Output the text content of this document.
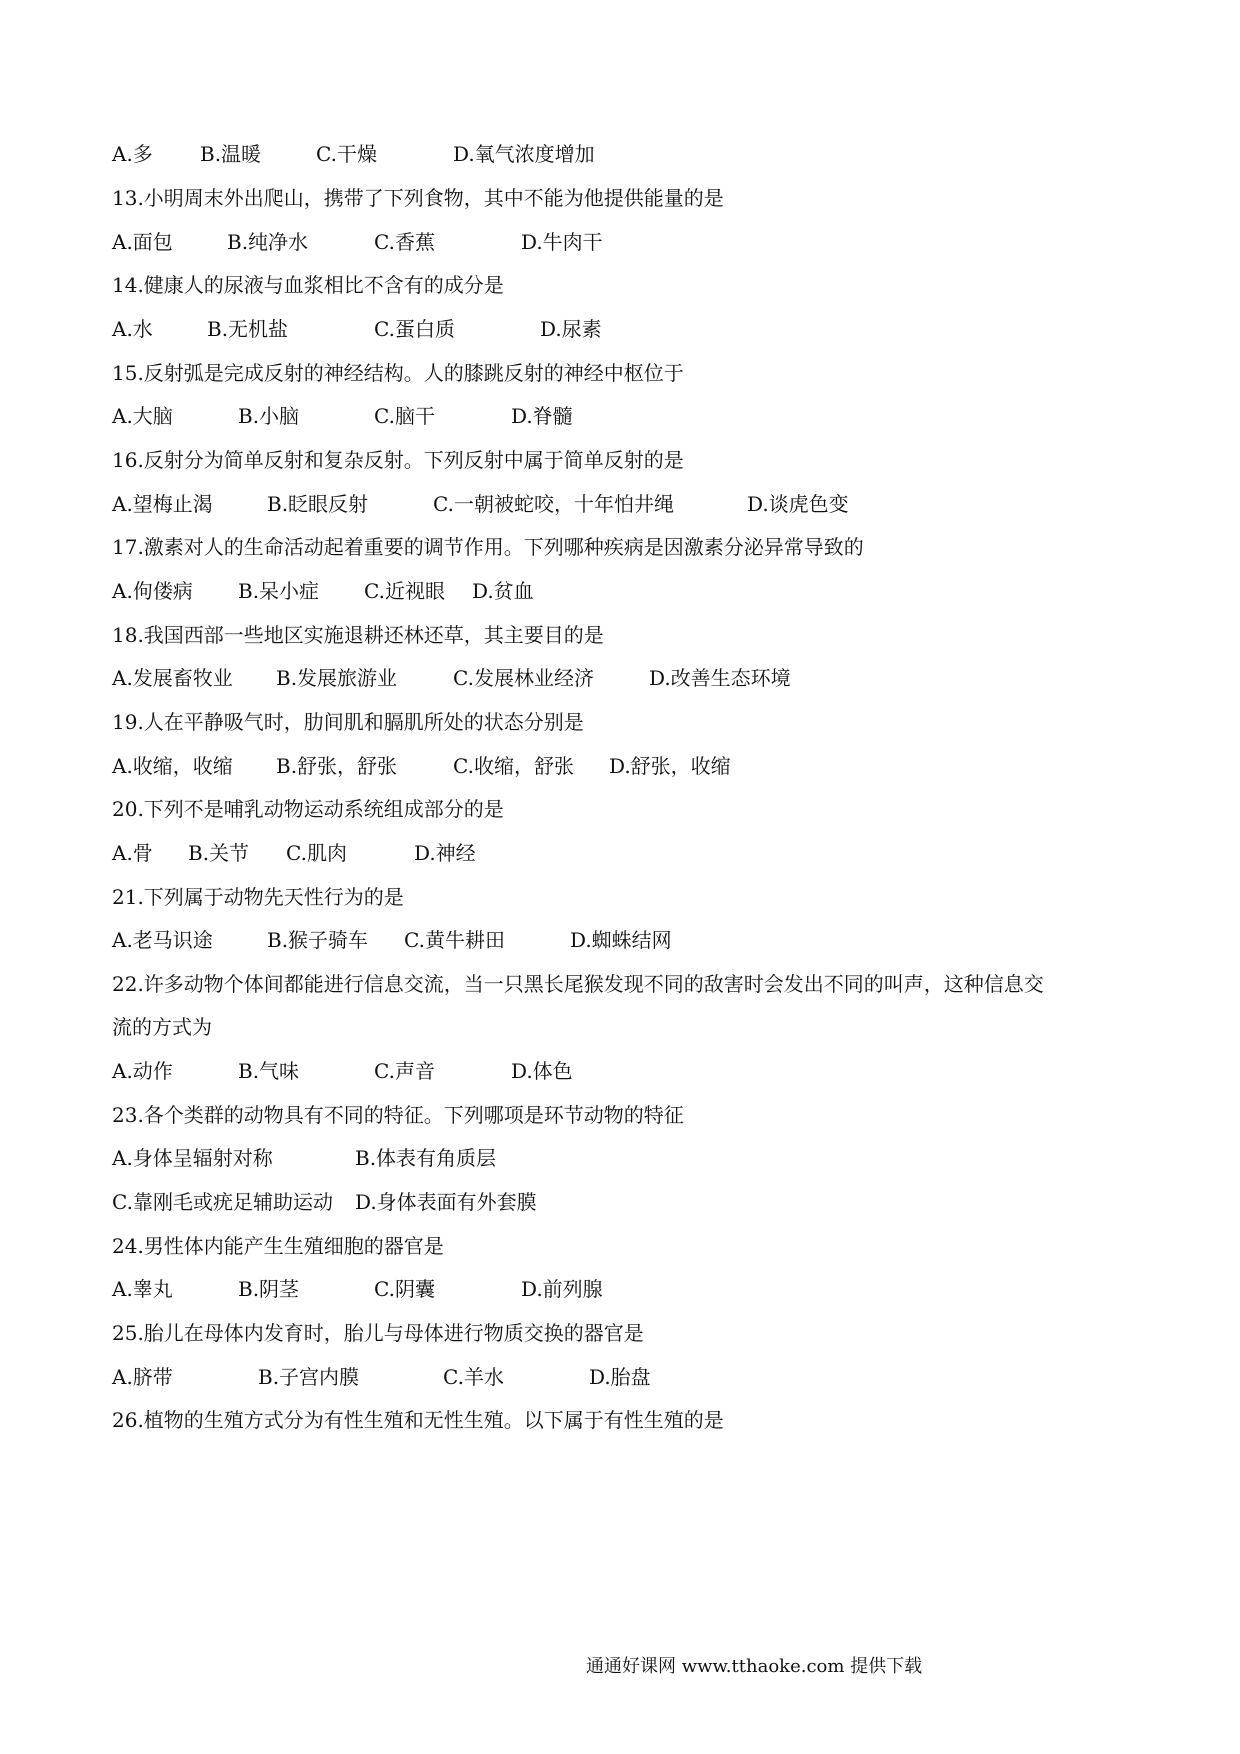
A.多 B.温暖	C.干燥	D.氧气浓度增加
13.小明周末外出爬山，携带了下列食物，其中不能为他提供能量的是
A.面包	B.纯净水	C.香蕉	D.牛肉干
14.健康人的尿液与血浆相比不含有的成分是
A.水	B.无机盐	C.蛋白质	D.尿素
15.反射弧是完成反射的神经结构。人的膝跳反射的神经中枢位于
A.大脑	B.小脑	C.脑干	D.脊髓
16.反射分为简单反射和复杂反射。下列反射中属于简单反射的是
A.望梅止渴	B.眨眼反射	C.一朝被蛇咬，十年怕井绳	D.谈虎色变
17.激素对人的生命活动起着重要的调节作用。下列哪种疾病是因激素分泌异常导致的
A.佝偻病 B.呆小症 C.近视眼 D.贫血
18.我国西部一些地区实施退耕还林还草，其主要目的是
A.发展畜牧业 B.发展旅游业	C.发展林业经济	D.改善生态环境
19.人在平静吸气时，肋间肌和膈肌所处的状态分别是
A.收缩，收缩 B.舒张，舒张	C.收缩，舒张 D.舒张，收缩
20.下列不是哺乳动物运动系统组成部分的是
A.骨 B.关节 C.肌肉	D.神经
21.下列属于动物先天性行为的是
A.老马识途	B.猴子骑车 C.黄牛耕田	D.蜘蛛结网
22.许多动物个体间都能进行信息交流，当一只黑长尾猴发现不同的敌害时会发出不同的叫声，这种信息交
流的方式为
A.动作	B.气味	C.声音	D.体色
23.各个类群的动物具有不同的特征。下列哪项是环节动物的特征
A.身体呈辐射对称	B.体表有角质层
C.靠刚毛或疣足辅助运动 D.身体表面有外套膜
24.男性体内能产生生殖细胞的器官是
A.睾丸	B.阴茎	C.阴囊	D.前列腺
25.胎儿在母体内发育时，胎儿与母体进行物质交换的器官是
A.脐带	B.子宫内膜	C.羊水	D.胎盘
26.植物的生殖方式分为有性生殖和无性生殖。以下属于有性生殖的是
通通好课网 www.tthaoke.com 提供下载
